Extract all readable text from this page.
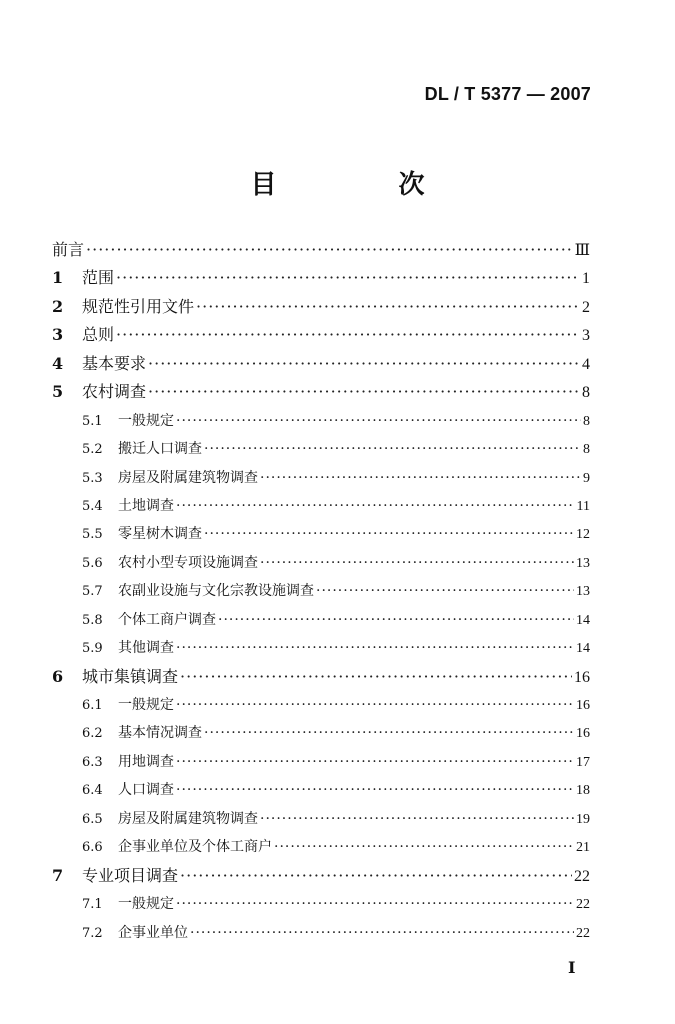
DL / T 5377 — 2007
目　次
前言 ·····	Ⅲ
1	范围 ·····	1
2	规范性引用文件 ·····	2
3	总则 ·····	3
4	基本要求 ·····	4
5	农村调查 ·····	8
5.1	一般规定 ·····	8
5.2	搬迁人口调查 ·····	8
5.3	房屋及附属建筑物调查 ·····	9
5.4	土地调查 ·····	11
5.5	零星树木调查 ·····	12
5.6	农村小型专项设施调查 ·····	13
5.7	农副业设施与文化宗教设施调查 ·····	13
5.8	个体工商户调查 ·····	14
5.9	其他调查 ·····	14
6	城市集镇调查 ·····	16
6.1	一般规定 ·····	16
6.2	基本情况调查 ·····	16
6.3	用地调查 ·····	17
6.4	人口调查 ·····	18
6.5	房屋及附属建筑物调查 ·····	19
6.6	企事业单位及个体工商户 ·····	21
7	专业项目调查 ·····	22
7.1	一般规定 ·····	22
7.2	企事业单位 ·····	22
I
